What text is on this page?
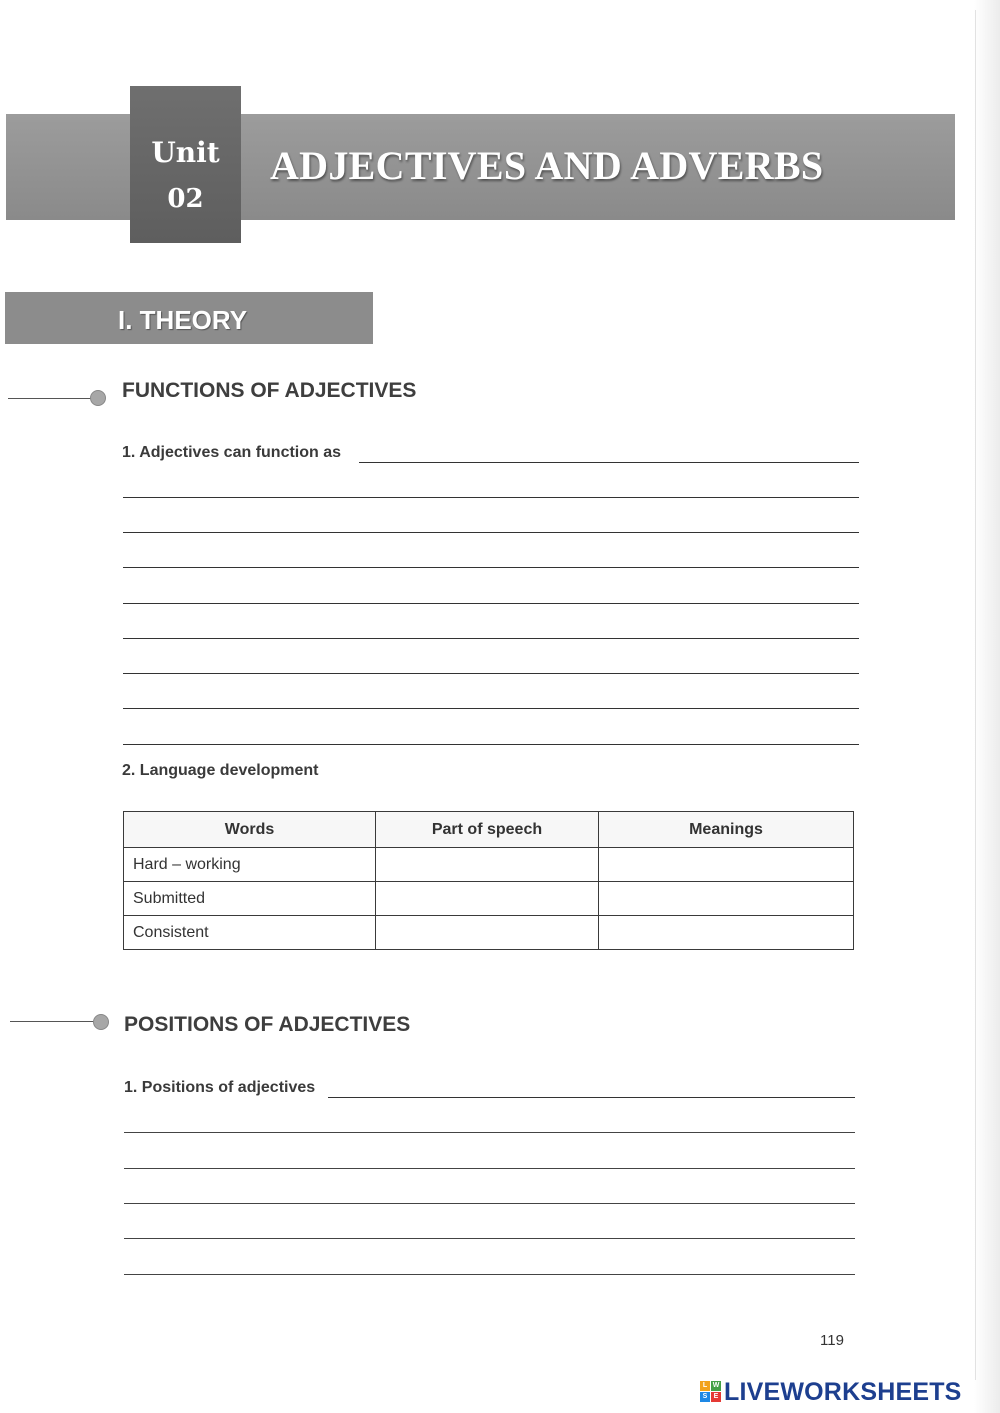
Unit
02
ADJECTIVES AND ADVERBS
I. THEORY
FUNCTIONS OF ADJECTIVES
1. Adjectives can function as
2. Language development
Words	Part of speech	Meanings
Hard – working		
Submitted		
Consistent		
POSITIONS OF ADJECTIVES
1. Positions of adjectives
119
L W
S E LIVEWORKSHEETS
